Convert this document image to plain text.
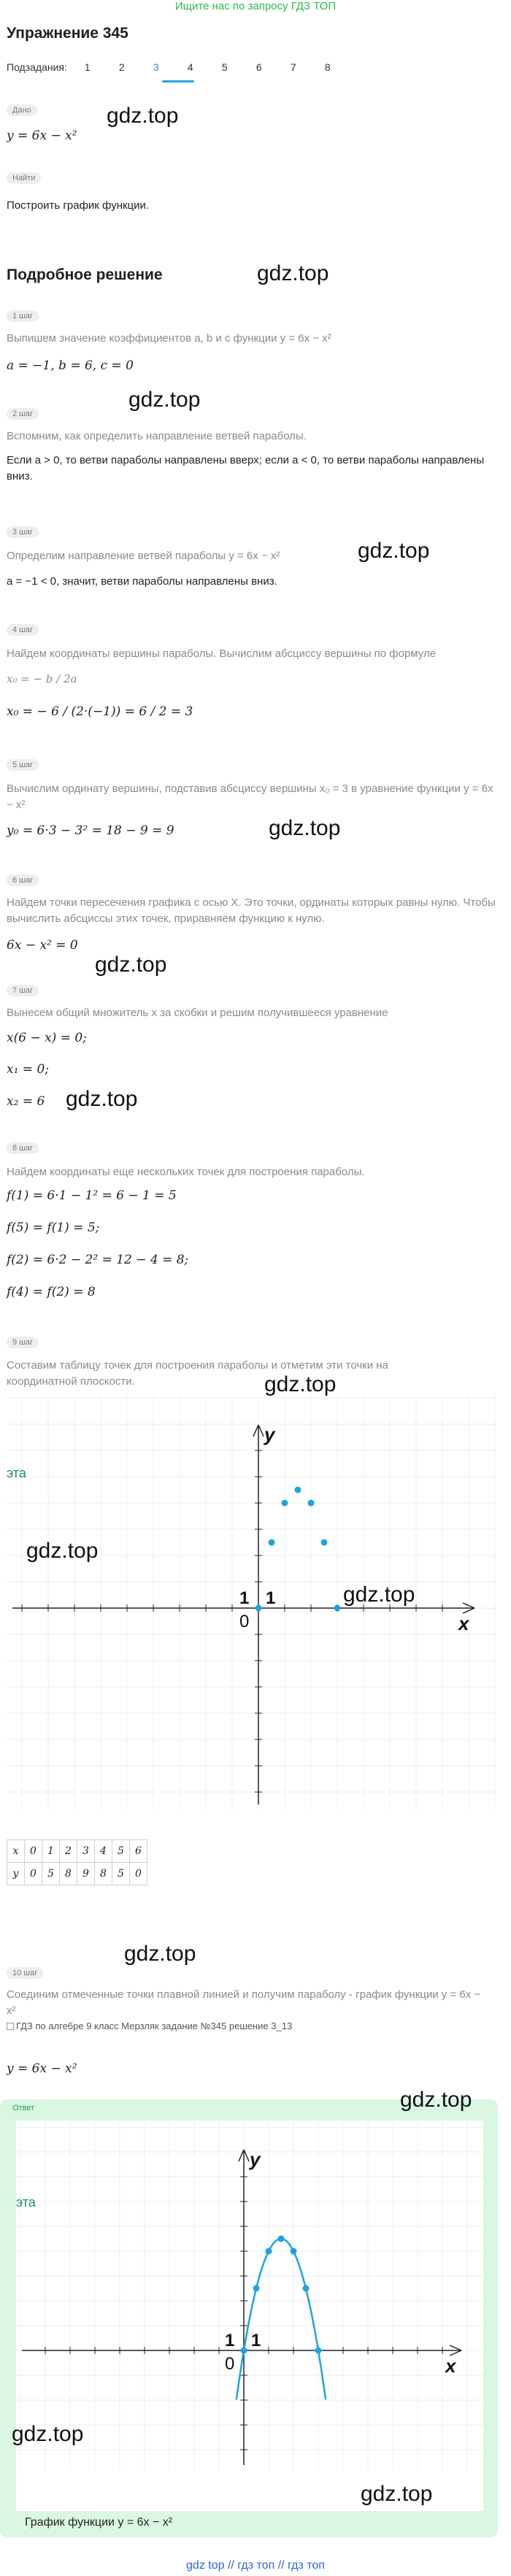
Ищите нас по запросу ГДЗ ТОП
Упражнение 345
Подзадания: 1	2	3	4	5	6	7	8
Дано
y = 6x − x²
gdz.top
Найти
Построить график функции.
Подробное решение	gdz.top
1 шаг
Выпишем значение коэффициентов a, b и c функции y = 6x − x²
a = −1, b = 6, c = 0
gdz.top
2 шаг
Вспомним, как определить направление ветвей параболы.
Если a > 0, то ветви параболы направлены вверх; если a < 0, то ветви параболы направлены вниз.
gdz.top
3 шаг
Определим направление ветвей параболы y = 6x − x²
a = −1 < 0, значит, ветви параболы направлены вниз.
4 шаг
Найдем координаты вершины параболы. Вычислим абсциссу вершины по формуле
x₀ = − b / 2a
x₀ = − 6 / (2·(−1)) = 6 / 2 = 3
5 шаг
Вычислим ординату вершины, подставив абсциссу вершины x₀ = 3 в уравнение функции y = 6x − x²
y₀ = 6·3 − 3² = 18 − 9 = 9	gdz.top
6 шаг
Найдем точки пересечения графика с осью X. Это точки, ординаты которых равны нулю. Чтобы вычислить абсциссы этих точек, приравняем функцию к нулю.
6x − x² = 0
gdz.top
7 шаг
Вынесем общий множитель x за скобки и решим получившееся уравнение
x(6 − x) = 0;
x₁ = 0;
x₂ = 6 gdz.top
8 шаг
Найдем координаты еще нескольких точек для построения параболы.
f(1) = 6·1 − 1² = 6 − 1 = 5
f(5) = f(1) = 5;
f(2) = 6·2 − 2² = 12 − 4 = 8;
f(4) = f(2) = 8
9 шаг
Составим таблицу точек для построения параболы и отметим эти точки на координатной плоскости.	gdz.top
x
y
0
1
1
эта
gdz.top
gdz.top
x	0	1	2	3	4	5	6
y	0	5	8	9	8	5	0
gdz.top
10 шаг
Соединим отмеченные точки плавной линией и получим параболу - график функции y = 6x − x²
ГДЗ по алгебре 9 класс Мерзляк задание №345 решение 3_13
y = 6x − x²
Ответ	gdz.top
x
y
0
1
1
эта
gdz.top
gdz.top
График функции y = 6x − x²
gdz top // гдз топ // гдз топ
